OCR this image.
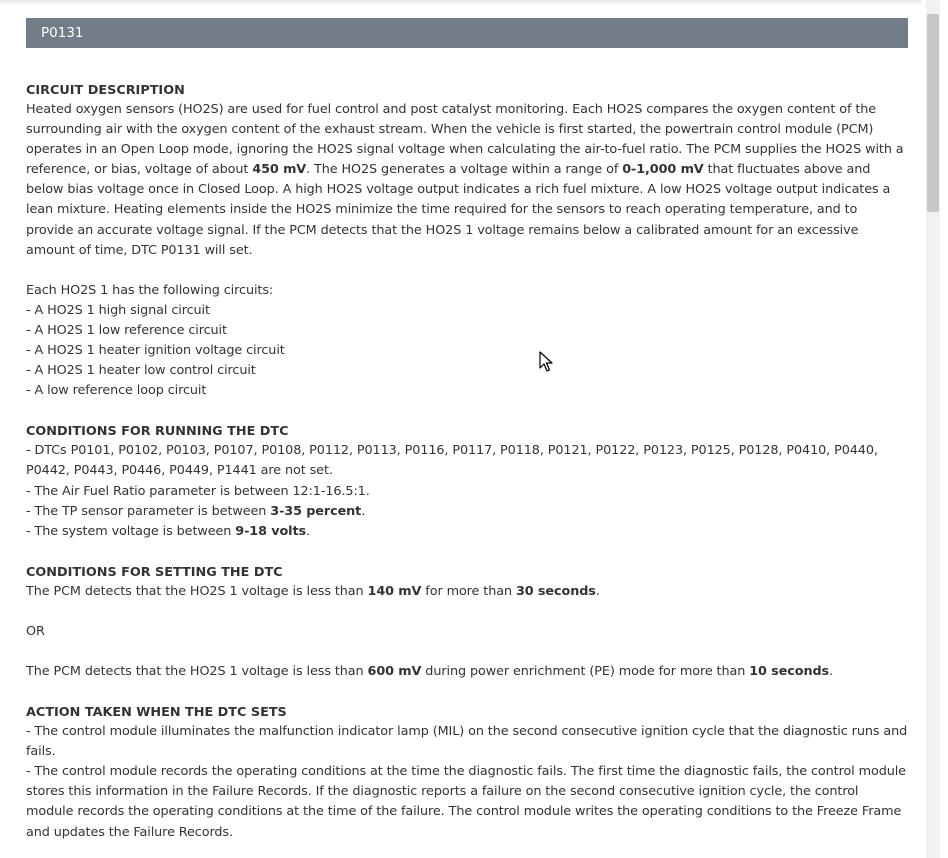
P0131
CIRCUIT DESCRIPTION

Heated oxygen sensors (HO2S) are used for fuel control and post catalyst monitoring. Each HO2S compares the oxygen content of the surrounding air with the oxygen content of the exhaust stream. When the vehicle is first started, the powertrain control module (PCM) operates in an Open Loop mode, ignoring the HO2S signal voltage when calculating the air-to-fuel ratio. The PCM supplies the HO2S with a reference, or bias, voltage of about 450 mV. The HO2S generates a voltage within a range of 0-1,000 mV that fluctuates above and below bias voltage once in Closed Loop. A high HO2S voltage output indicates a rich fuel mixture. A low HO2S voltage output indicates a lean mixture. Heating elements inside the HO2S minimize the time required for the sensors to reach operating temperature, and to provide an accurate voltage signal. If the PCM detects that the HO2S 1 voltage remains below a calibrated amount for an excessive amount of time, DTC P0131 will set.

Each HO2S 1 has the following circuits:
- A HO2S 1 high signal circuit
- A HO2S 1 low reference circuit
- A HO2S 1 heater ignition voltage circuit
- A HO2S 1 heater low control circuit
- A low reference loop circuit
CONDITIONS FOR RUNNING THE DTC

- DTCs P0101, P0102, P0103, P0107, P0108, P0112, P0113, P0116, P0117, P0118, P0121, P0122, P0123, P0125, P0128, P0410, P0440, P0442, P0443, P0446, P0449, P1441 are not set.

- The Air Fuel Ratio parameter is between 12:1-16.5:1.
- The TP sensor parameter is between 3-35 percent.
- The system voltage is between 9-18 volts.
CONDITIONS FOR SETTING THE DTC
The PCM detects that the HO2S 1 voltage is less than 140 mV for more than 30 seconds.
OR
The PCM detects that the HO2S 1 voltage is less than 600 mV during power enrichment (PE) mode for more than 10 seconds.
ACTION TAKEN WHEN THE DTC SETS

- The control module illuminates the malfunction indicator lamp (MIL) on the second consecutive ignition cycle that the diagnostic runs and fails.

- The control module records the operating conditions at the time the diagnostic fails. The first time the diagnostic fails, the control module stores this information in the Failure Records. If the diagnostic reports a failure on the second consecutive ignition cycle, the control module records the operating conditions at the time of the failure. The control module writes the operating conditions to the Freeze Frame and updates the Failure Records.
